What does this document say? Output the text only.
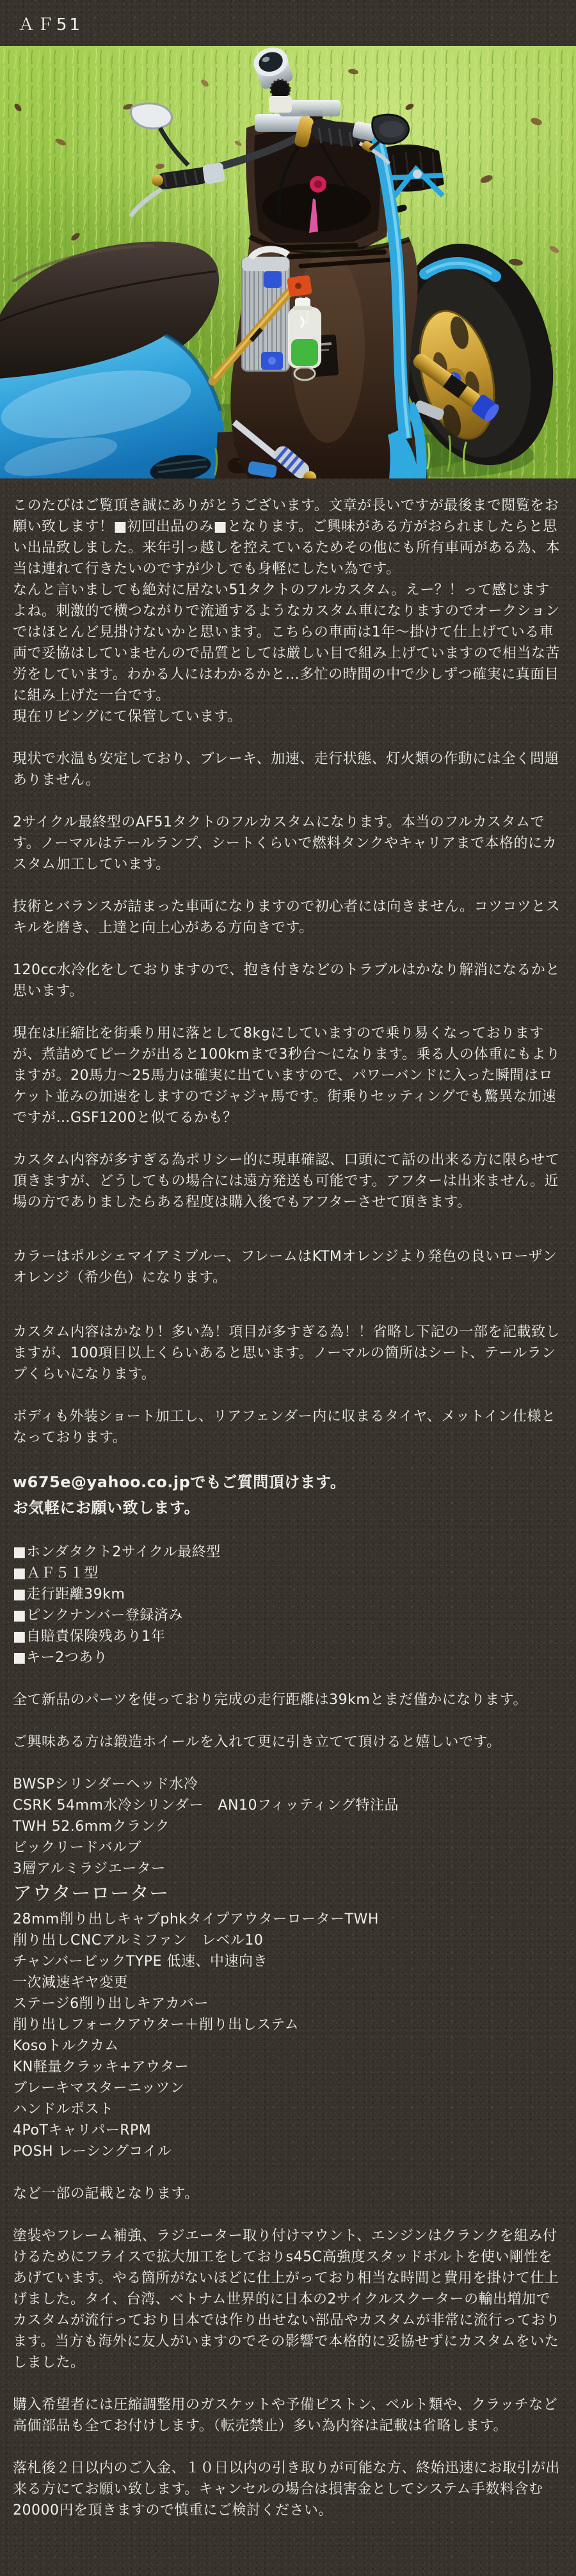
ＡＦ51

このたびはご覧頂き誠にありがとうございます。文章が長いですが最後まで閲覧をお願い致します！■初回出品のみ■となります。ご興味がある方がおられましたらと思い出品致しました。来年引っ越しを控えているためその他にも所有車両がある為、本当は連れて行きたいのですが少しでも身軽にしたい為です。

なんと言いましても絶対に居ない51タクトのフルカスタム。えー？！って感じますよね。刺激的で横つながりで流通するようなカスタム車になりますのでオークションではほとんど見掛けないかと思います。こちらの車両は1年〜掛けて仕上げている車両で妥協はしていませんので品質としては厳しい目で組み上げていますので相当な苦労をしています。わかる人にはわかるかと…多忙の時間の中で少しずつ確実に真面目に組み上げた一台です。

現在リビングにて保管しています。

現状で水温も安定しており、ブレーキ、加速、走行状態、灯火類の作動には全く問題ありません。

2サイクル最終型のAF51タクトのフルカスタムになります。本当のフルカスタムです。ノーマルはテールランプ、シートくらいで燃料タンクやキャリアまで本格的にカスタム加工しています。

技術とバランスが詰まった車両になりますので初心者には向きません。コツコツとスキルを磨き、上達と向上心がある方向きです。

120cc水冷化をしておりますので、抱き付きなどのトラブルはかなり解消になるかと思います。

現在は圧縮比を街乗り用に落として8kgにしていますので乗り易くなっておりますが、煮詰めてピークが出ると100kmまで3秒台〜になります。乗る人の体重にもよりますが。20馬力〜25馬力は確実に出ていますので、パワーバンドに入った瞬間はロケット並みの加速をしますのでジャジャ馬です。街乗りセッティングでも驚異な加速ですが…GSF1200と似てるかも？

カスタム内容が多すぎる為ポリシー的に現車確認、口頭にて話の出来る方に限らせて頂きますが、どうしてもの場合には遠方発送も可能です。アフターは出来ません。近場の方でありましたらある程度は購入後でもアフターさせて頂きます。

カラーはポルシェマイアミブルー、フレームはKTMオレンジより発色の良いローザンオレンジ（希少色）になります。

カスタム内容はかなり！多い為！項目が多すぎる為！！省略し下記の一部を記載致しますが、100項目以上くらいあると思います。ノーマルの箇所はシート、テールランプくらいになります。

ボディも外装ショート加工し、リアフェンダー内に収まるタイヤ、メットイン仕様となっております。

w675e@yahoo.co.jpでもご質問頂けます。

お気軽にお願い致します。

■ホンダタクト2サイクル最終型
■ＡＦ５１型
■走行距離39km
■ピンクナンバー登録済み
■自賠責保険残あり1年
■キー2つあり

全て新品のパーツを使っており完成の走行距離は39kmとまだ僅かになります。

ご興味ある方は鍛造ホイールを入れて更に引き立てて頂けると嬉しいです。

BWSPシリンダーヘッド水冷
CSRK 54mm水冷シリンダー　AN10フィッティング特注品
TWH 52.6mmクランク
ビックリードバルブ
3層アルミラジエーター

アウターローター

28mm削り出しキャブphkタイプアウターローターTWH
削り出しCNCアルミファン　レベル10
チャンバービックTYPE 低速、中速向き
一次減速ギヤ変更
ステージ6削り出しキアカバー
削り出しフォークアウター＋削り出しステム
Kosoトルクカム
KN軽量クラッキ+アウター
ブレーキマスターニッツン
ハンドルポスト
4PoTキャリパーRPM
POSH レーシングコイル

など一部の記載となります。

塗装やフレーム補強、ラジエーター取り付けマウント、エンジンはクランクを組み付けるためにフライスで拡大加工をしておりs45C高強度スタッドボルトを使い剛性をあげています。やる箇所がないほどに仕上がっており相当な時間と費用を掛けて仕上げました。タイ、台湾、ベトナム世界的に日本の2サイクルスクーターの輸出増加でカスタムが流行っており日本では作り出せない部品やカスタムが非常に流行っております。当方も海外に友人がいますのでその影響で本格的に妥協せずにカスタムをいたしました。

購入希望者には圧縮調整用のガスケットや予備ピストン、ベルト類や、クラッチなど高価部品も全てお付けします。（転売禁止）多い為内容は記載は省略します。

落札後２日以内のご入金、１０日以内の引き取りが可能な方、終始迅速にお取引が出来る方にてお願い致します。キャンセルの場合は損害金としてシステム手数料含む20000円を頂きますので慎重にご検討ください。
